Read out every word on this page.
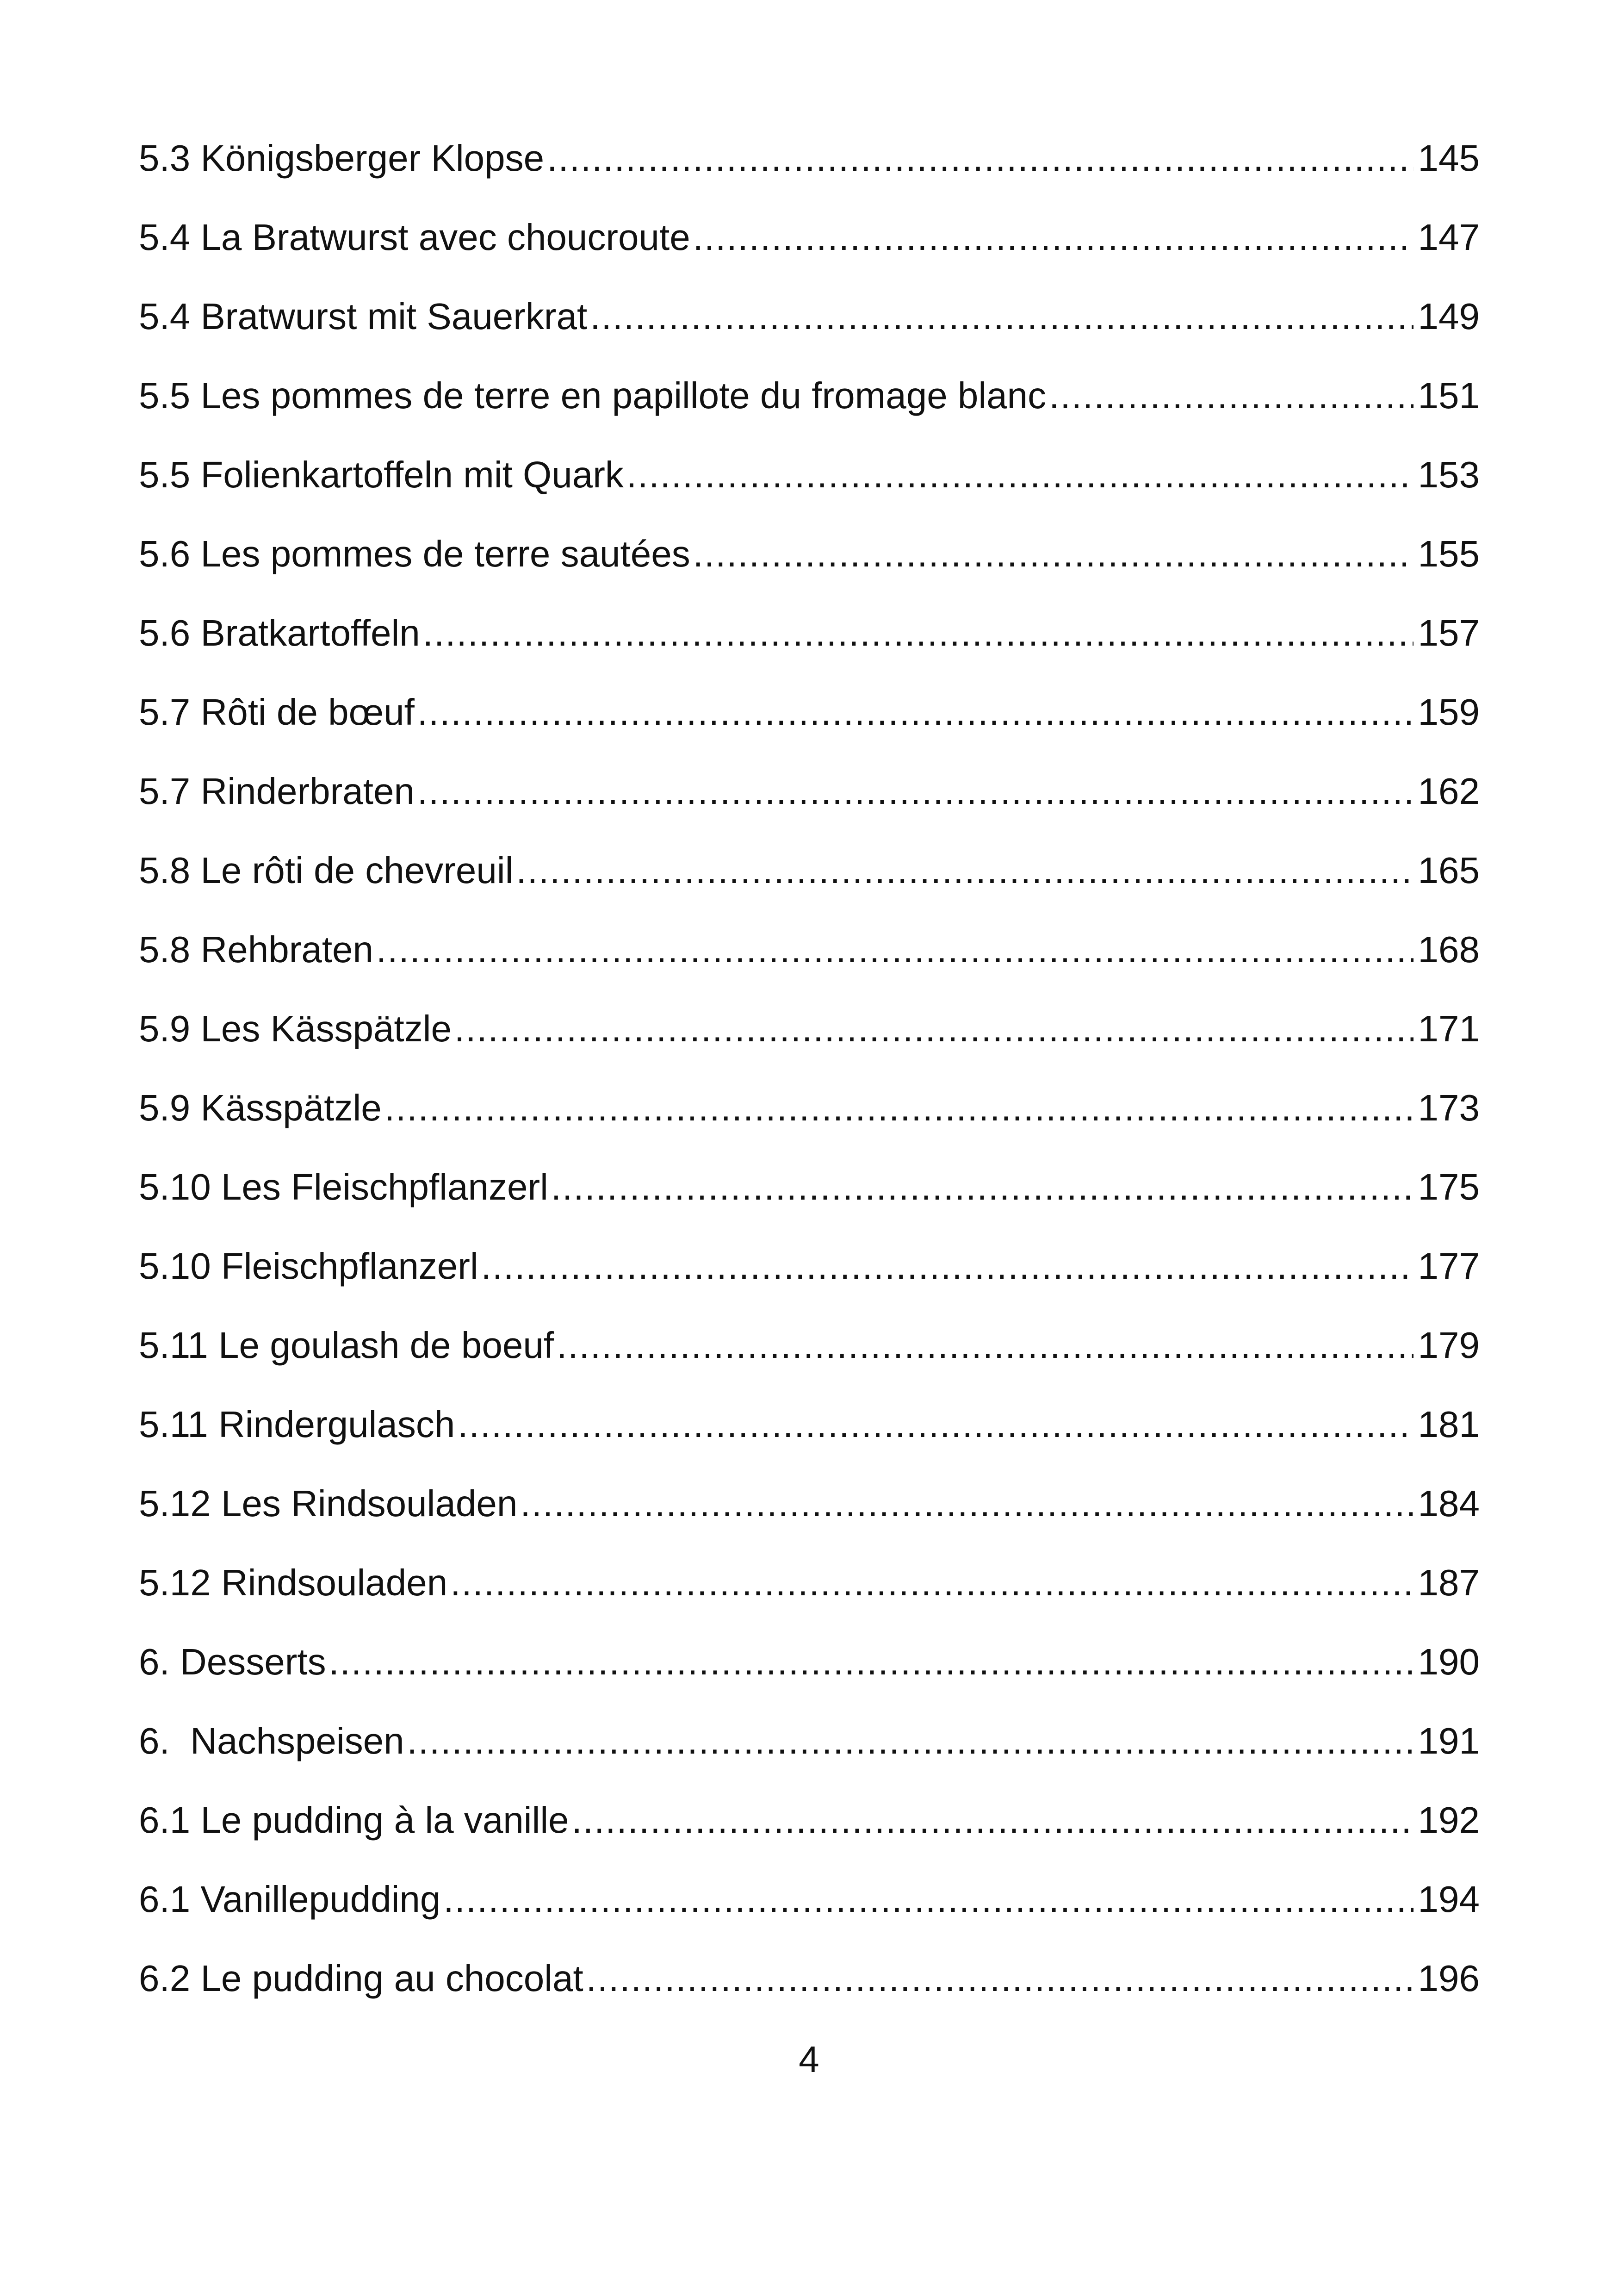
5.3 Königsberger Klopse .....	145
5.4 La Bratwurst avec choucroute .....	147
5.4 Bratwurst mit Sauerkrat .....	149
5.5 Les pommes de terre en papillote du fromage blanc .....	151
5.5 Folienkartoffeln mit Quark .....	153
5.6 Les pommes de terre sautées .....	155
5.6 Bratkartoffeln .....	157
5.7 Rôti de bœuf .....	159
5.7 Rinderbraten .....	162
5.8 Le rôti de chevreuil .....	165
5.8 Rehbraten .....	168
5.9 Les Kässpätzle .....	171
5.9 Kässpätzle .....	173
5.10 Les Fleischpflanzerl .....	175
5.10 Fleischpflanzerl .....	177
5.11 Le goulash de boeuf .....	179
5.11 Rindergulasch .....	181
5.12 Les Rindsouladen .....	184
5.12 Rindsouladen .....	187
6. Desserts .....	190
6.  Nachspeisen .....	191
6.1 Le pudding à la vanille .....	192
6.1 Vanillepudding .....	194
6.2 Le pudding au chocolat .....	196
4
